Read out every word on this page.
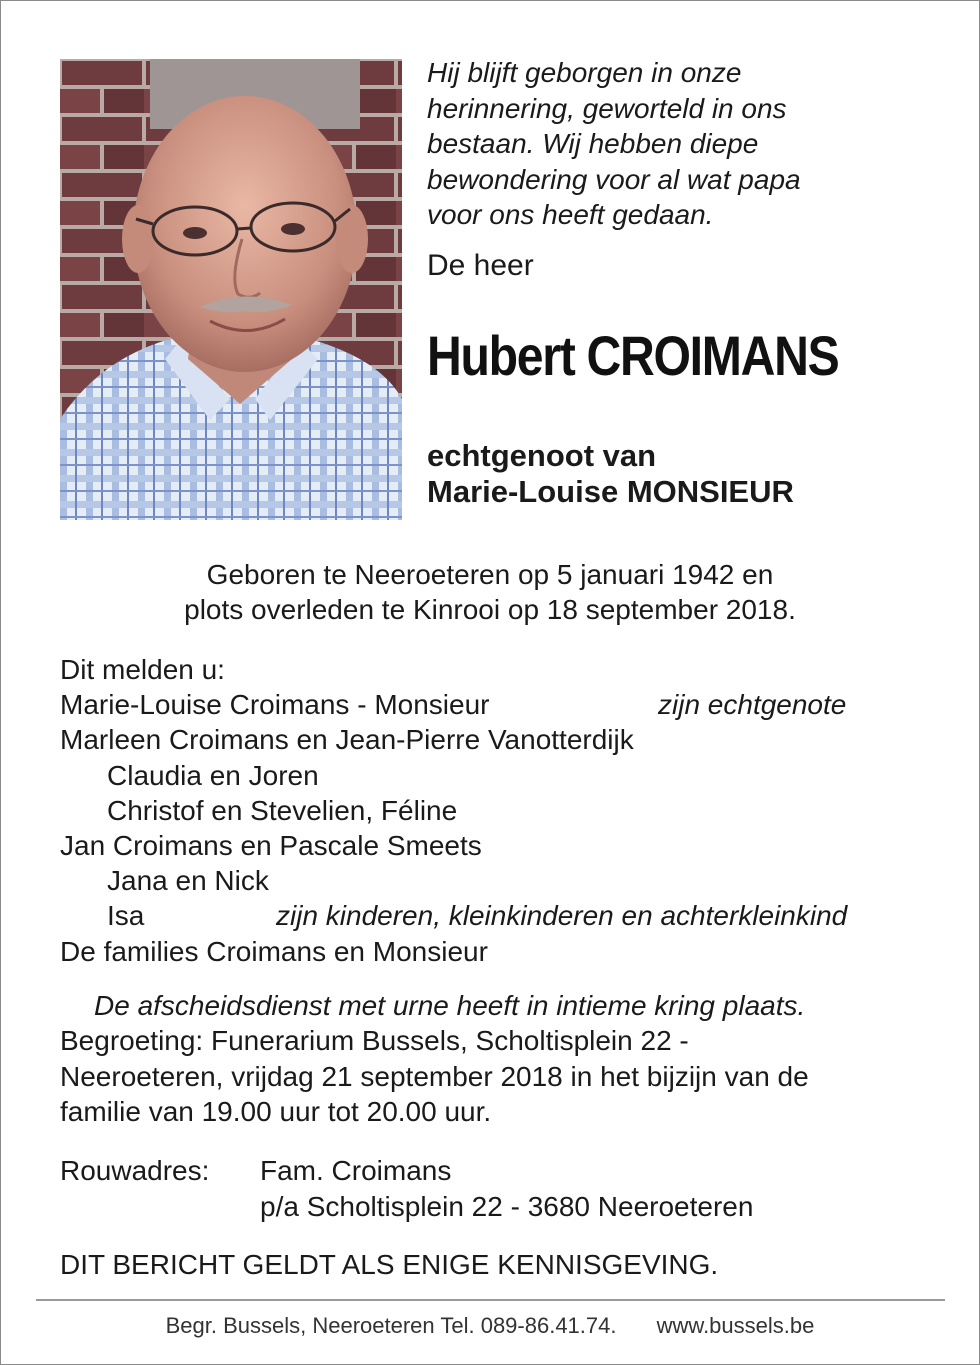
Hij blijft geborgen in onze
herinnering, geworteld in ons
bestaan. Wij hebben diepe
bewondering voor al wat papa
voor ons heeft gedaan.
De heer
Hubert CROIMANS
echtgenoot van
Marie-Louise MONSIEUR
Geboren te Neeroeteren op 5 januari 1942 en
plots overleden te Kinrooi op 18 september 2018.
Dit melden u:
Marie-Louise Croimans - Monsieur	zijn echtgenote
Marleen Croimans en Jean-Pierre Vanotterdijk
Claudia en Joren
Christof en Stevelien, Féline
Jan Croimans en Pascale Smeets
Jana en Nick
Isa	zijn kinderen, kleinkinderen en achterkleinkind
De families Croimans en Monsieur
De afscheidsdienst met urne heeft in intieme kring plaats.
Begroeting: Funerarium Bussels, Scholtisplein 22 -
Neeroeteren, vrijdag 21 september 2018 in het bijzijn van de
familie van 19.00 uur tot 20.00 uur.
Rouwadres: Fam. Croimans
p/a Scholtisplein 22 - 3680 Neeroeteren
DIT BERICHT GELDT ALS ENIGE KENNISGEVING.
Begr. Bussels, Neeroeteren Tel. 089-86.41.74. www.bussels.be
